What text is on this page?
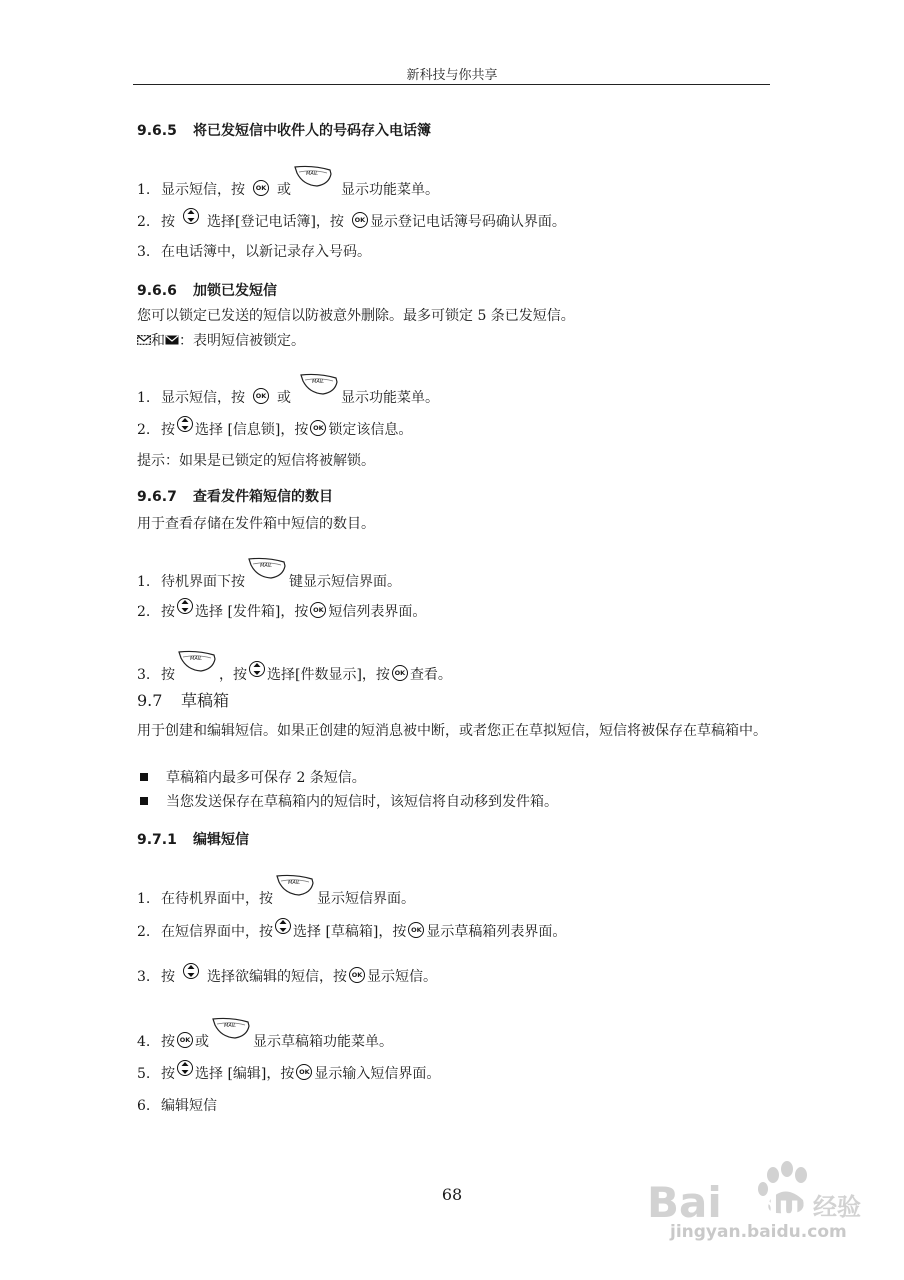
新科技与你共享
9.6.5 将已发短信中收件人的号码存入电话簿
1. 显示短信，按 OK 或
MAIL
显示功能菜单。
2. 按 选择[登记电话簿]，按 OK 显示登记电话簿号码确认界面。
3. 在电话簿中，以新记录存入号码。
9.6.6 加锁已发短信
您可以锁定已发送的短信以防被意外删除。最多可锁定 5 条已发短信。
和 ：表明短信被锁定。
1. 显示短信，按 OK 或
MAIL
显示功能菜单。
2. 按 选择 [信息锁]，按 OK 锁定该信息。
提示：如果是已锁定的短信将被解锁。
9.6.7 查看发件箱短信的数目
用于查看存储在发件箱中短信的数目。
1. 待机界面下按
MAIL
键显示短信界面。
2. 按 选择 [发件箱]，按 OK 短信列表界面。
3. 按
MAIL
，按 选择[件数显示]，按 OK 查看。
9.7 草稿箱
用于创建和编辑短信。如果正创建的短消息被中断，或者您正在草拟短信，短信将被保存在草稿箱中。
草稿箱内最多可保存 2 条短信。
当您发送保存在草稿箱内的短信时，该短信将自动移到发件箱。
9.7.1 编辑短信
1. 在待机界面中，按
MAIL
显示短信界面。
2. 在短信界面中，按 选择 [草稿箱]，按 OK 显示草稿箱列表界面。
3. 按 选择欲编辑的短信，按 OK 显示短信。
4. 按 OK 或
MAIL
显示草稿箱功能菜单。
5. 按 选择 [编辑]，按 OK 显示输入短信界面。
6. 编辑短信
68	Bai du 经验
jingyan.baidu.com
